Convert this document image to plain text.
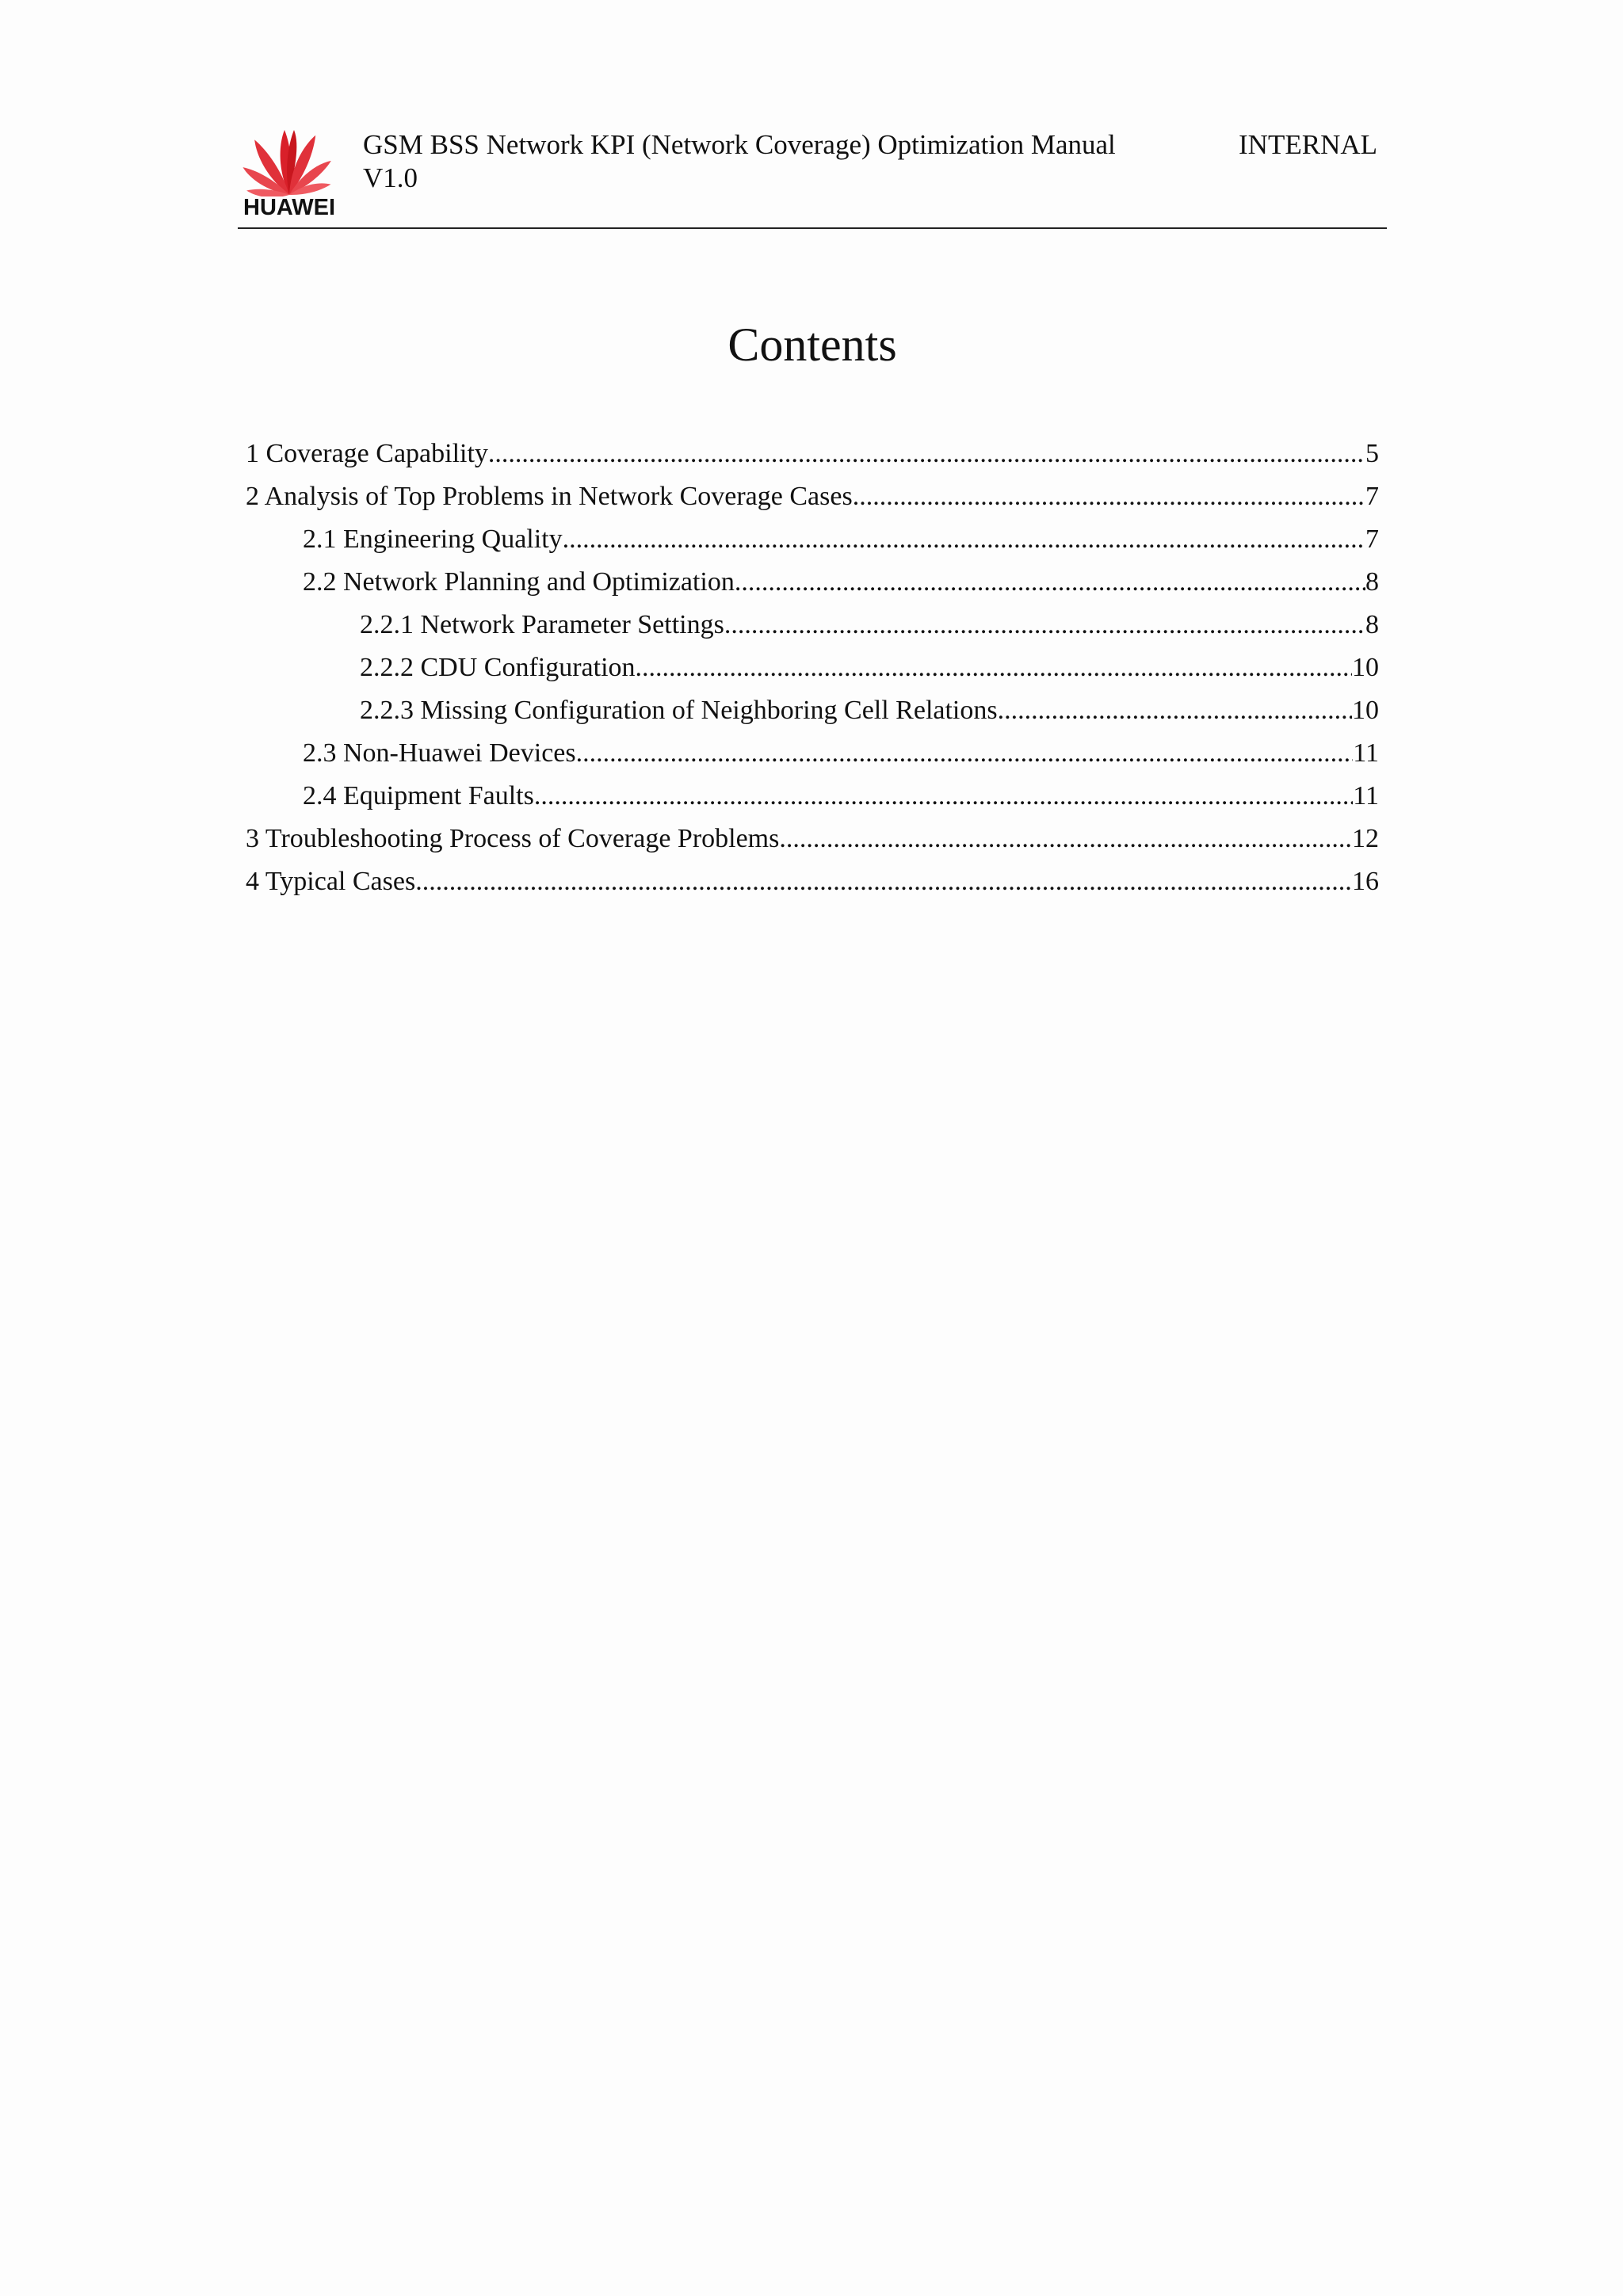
HUAWEI
GSM BSS Network KPI (Network Coverage) Optimization Manual V1.0
INTERNAL
Contents
1 Coverage Capability .....	5
2 Analysis of Top Problems in Network Coverage Cases .....	7
2.1 Engineering Quality .....	7
2.2 Network Planning and Optimization .....	8
2.2.1 Network Parameter Settings .....	8
2.2.2 CDU Configuration .....	10
2.2.3 Missing Configuration of Neighboring Cell Relations .....	10
2.3 Non-Huawei Devices .....	11
2.4 Equipment Faults .....	11
3 Troubleshooting Process of Coverage Problems .....	12
4 Typical Cases .....	16
